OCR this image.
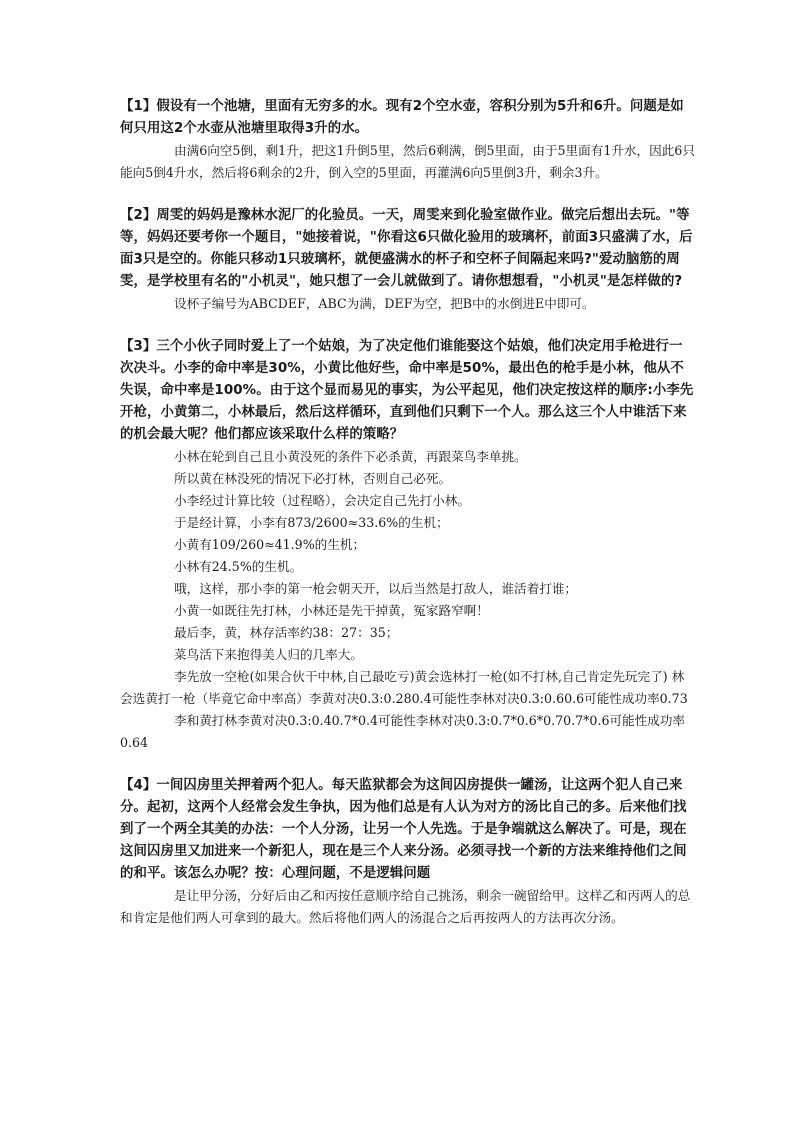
【1】假设有一个池塘，里面有无穷多的水。现有2个空水壶，容积分别为5升和6升。问题是如何只用这2个水壶从池塘里取得3升的水。

由满6向空5倒，剩1升，把这1升倒5里，然后6剩满，倒5里面，由于5里面有1升水，因此6只能向5倒4升水，然后将6剩余的2升，倒入空的5里面，再灌满6向5里倒3升，剩余3升。

【2】周雯的妈妈是豫林水泥厂的化验员。一天，周雯来到化验室做作业。做完后想出去玩。"等等，妈妈还要考你一个题目，"她接着说，"你看这6只做化验用的玻璃杯，前面3只盛满了水，后面3只是空的。你能只移动1只玻璃杯，就便盛满水的杯子和空杯子间隔起来吗?"爱动脑筋的周雯，是学校里有名的"小机灵"，她只想了一会儿就做到了。请你想想看，"小机灵"是怎样做的?

设杯子编号为ABCDEF，ABC为满，DEF为空，把B中的水倒进E中即可。

【3】三个小伙子同时爱上了一个姑娘，为了决定他们谁能娶这个姑娘，他们决定用手枪进行一次决斗。小李的命中率是30%，小黄比他好些，命中率是50%，最出色的枪手是小林，他从不失误，命中率是100%。由于这个显而易见的事实，为公平起见，他们决定按这样的顺序:小李先开枪，小黄第二，小林最后，然后这样循环，直到他们只剩下一个人。那么这三个人中谁活下来的机会最大呢？他们都应该采取什么样的策略？

小林在轮到自己且小黄没死的条件下必杀黄，再跟菜鸟李单挑。

所以黄在林没死的情况下必打林，否则自己必死。

小李经过计算比较（过程略），会决定自己先打小林。

于是经计算，小李有873/2600≈33.6%的生机；

小黄有109/260≈41.9%的生机；

小林有24.5%的生机。

哦，这样，那小李的第一枪会朝天开，以后当然是打敌人，谁活着打谁；

小黄一如既往先打林，小林还是先干掉黄，冤家路窄啊！

最后李，黄，林存活率约38：27：35；

菜鸟活下来抱得美人归的几率大。

李先放一空枪(如果合伙干中林,自己最吃亏)黄会选林打一枪(如不打林,自己肯定先玩完了) 林会选黄打一枪（毕竟它命中率高）李黄对决0.3:0.280.4可能性李林对决0.3:0.60.6可能性成功率0.73

李和黄打林李黄对决0.3:0.40.7*0.4可能性李林对决0.3:0.7*0.6*0.70.7*0.6可能性成功率0.64

【4】一间囚房里关押着两个犯人。每天监狱都会为这间囚房提供一罐汤，让这两个犯人自己来分。起初，这两个人经常会发生争执，因为他们总是有人认为对方的汤比自己的多。后来他们找到了一个两全其美的办法：一个人分汤，让另一个人先选。于是争端就这么解决了。可是，现在这间囚房里又加进来一个新犯人，现在是三个人来分汤。必须寻找一个新的方法来维持他们之间的和平。该怎么办呢？按：心理问题，不是逻辑问题

是让甲分汤，分好后由乙和丙按任意顺序给自己挑汤，剩余一碗留给甲。这样乙和丙两人的总和肯定是他们两人可拿到的最大。然后将他们两人的汤混合之后再按两人的方法再次分汤。
